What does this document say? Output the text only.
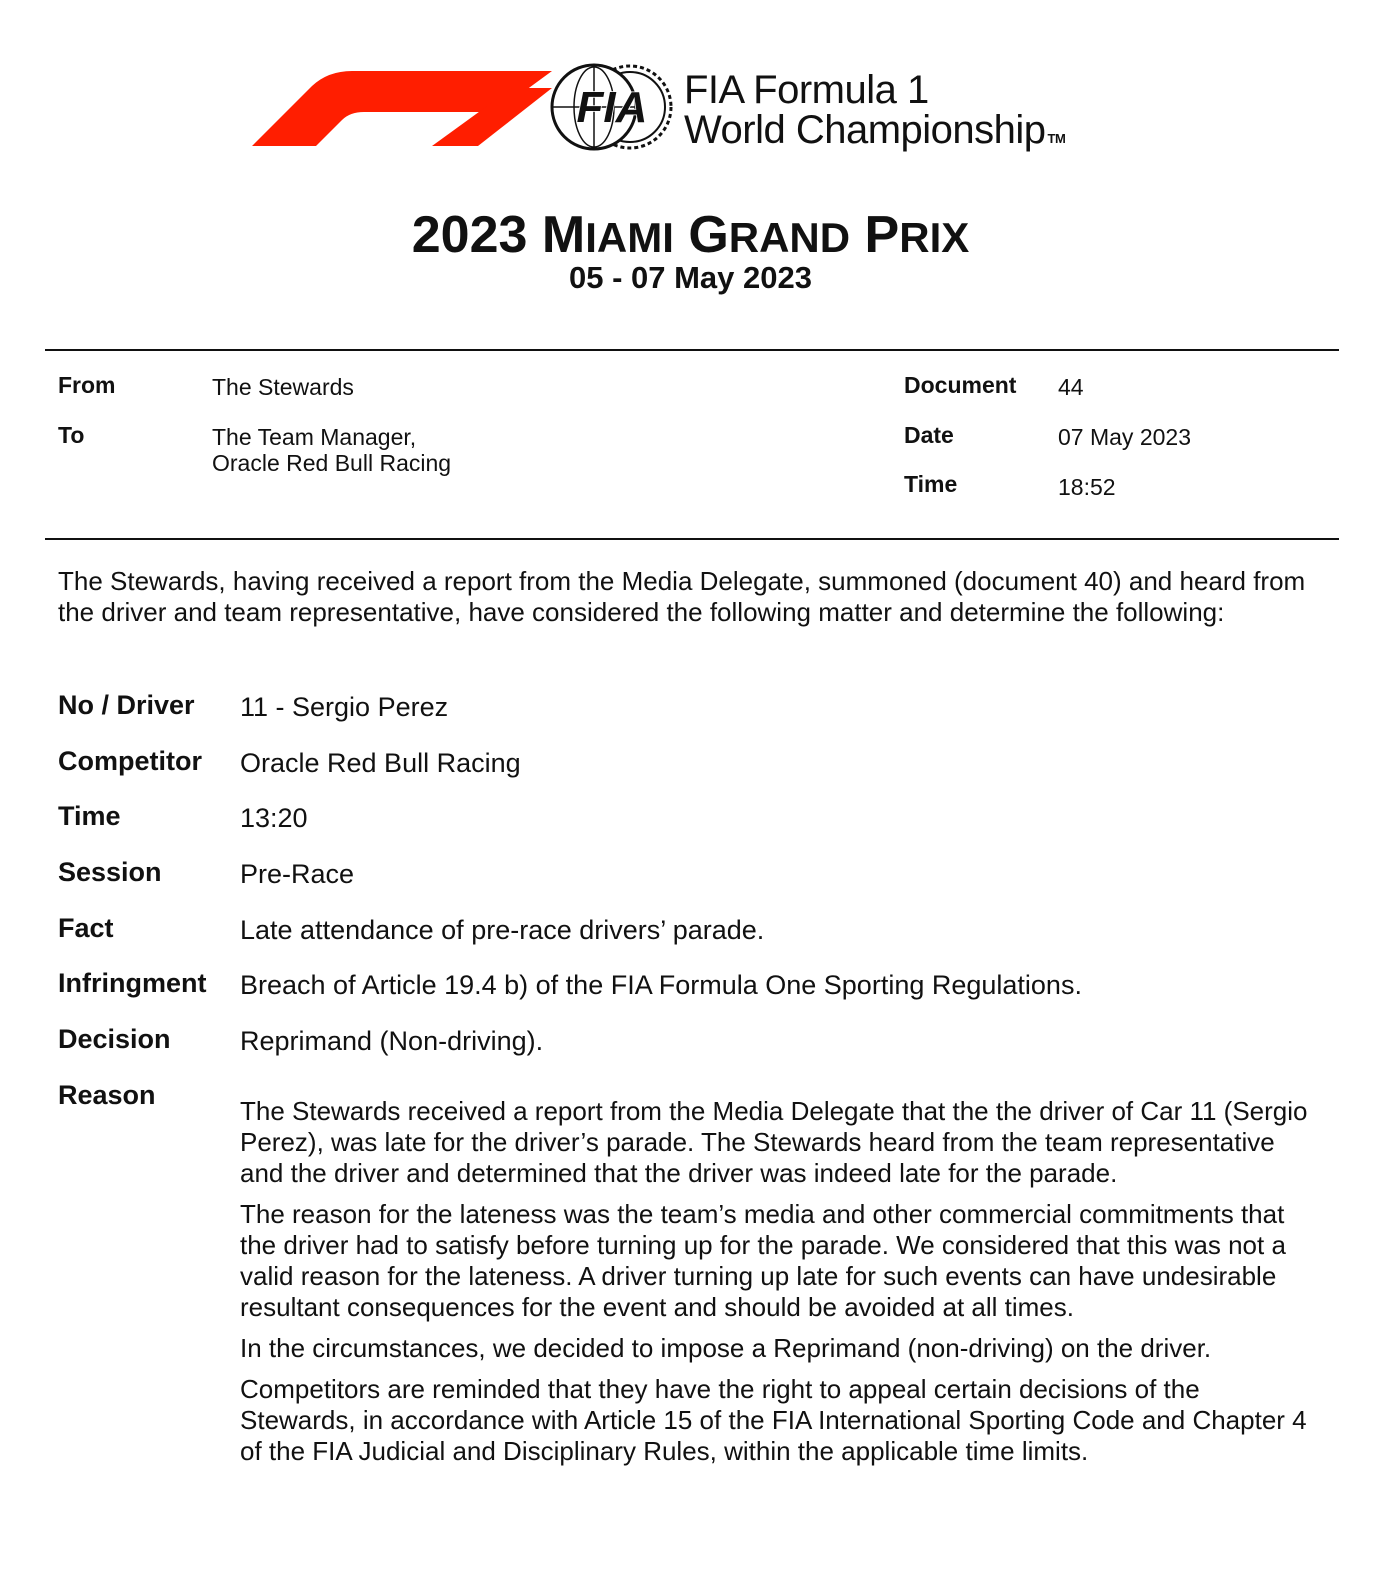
FIA FIA Formula 1
World Championship TM
2023 MIAMI GRAND PRIX
05 - 07 May 2023
From	The Stewards
To	The Team Manager,
Oracle Red Bull Racing
Document 44
Date	07 May 2023
Time	18:52
The Stewards, having received a report from the Media Delegate, summoned (document 40) and heard from the driver and team representative, have considered the following matter and determine the following:
No / Driver 11 - Sergio Perez
Competitor Oracle Red Bull Racing
Time	13:20
Session	Pre-Race
Fact	Late attendance of pre-race drivers’ parade.
Infringment Breach of Article 19.4 b) of the FIA Formula One Sporting Regulations.
Decision	Reprimand (Non-driving).
Reason

The Stewards received a report from the Media Delegate that the the driver of Car 11 (Sergio Perez), was late for the driver’s parade. The Stewards heard from the team representative and the driver and determined that the driver was indeed late for the parade.

The reason for the lateness was the team’s media and other commercial commitments that the driver had to satisfy before turning up for the parade. We considered that this was not a valid reason for the lateness. A driver turning up late for such events can have undesirable resultant consequences for the event and should be avoided at all times.

In the circumstances, we decided to impose a Reprimand (non-driving) on the driver.

Competitors are reminded that they have the right to appeal certain decisions of the Stewards, in accordance with Article 15 of the FIA International Sporting Code and Chapter 4 of the FIA Judicial and Disciplinary Rules, within the applicable time limits.
